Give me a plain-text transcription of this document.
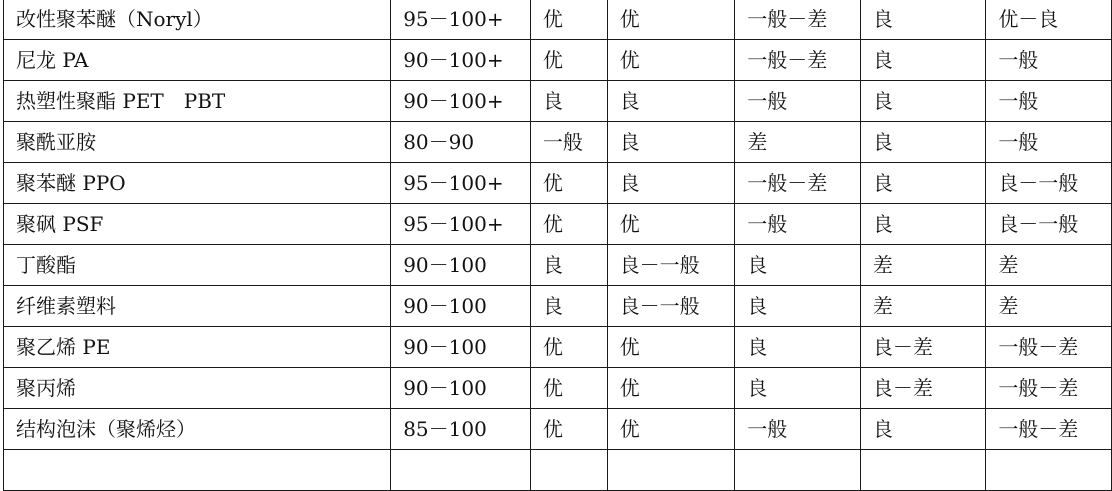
改性聚苯醚（Noryl）	95－100+	优	优	一般－差	良	优－良
尼龙 PA	90－100+	优	优	一般－差	良	一般
热塑性聚酯 PET　PBT	90－100+	良	良	一般	良	一般
聚酰亚胺	80－90	一般	良	差	良	一般
聚苯醚 PPO	95－100+	优	良	一般－差	良	良－一般
聚砜 PSF	95－100+	优	优	一般	良	良－一般
丁酸酯	90－100	良	良－一般	良	差	差
纤维素塑料	90－100	良	良－一般	良	差	差
聚乙烯 PE	90－100	优	优	良	良－差	一般－差
聚丙烯	90－100	优	优	良	良－差	一般－差
结构泡沫（聚烯烃）	85－100	优	优	一般	良	一般－差
